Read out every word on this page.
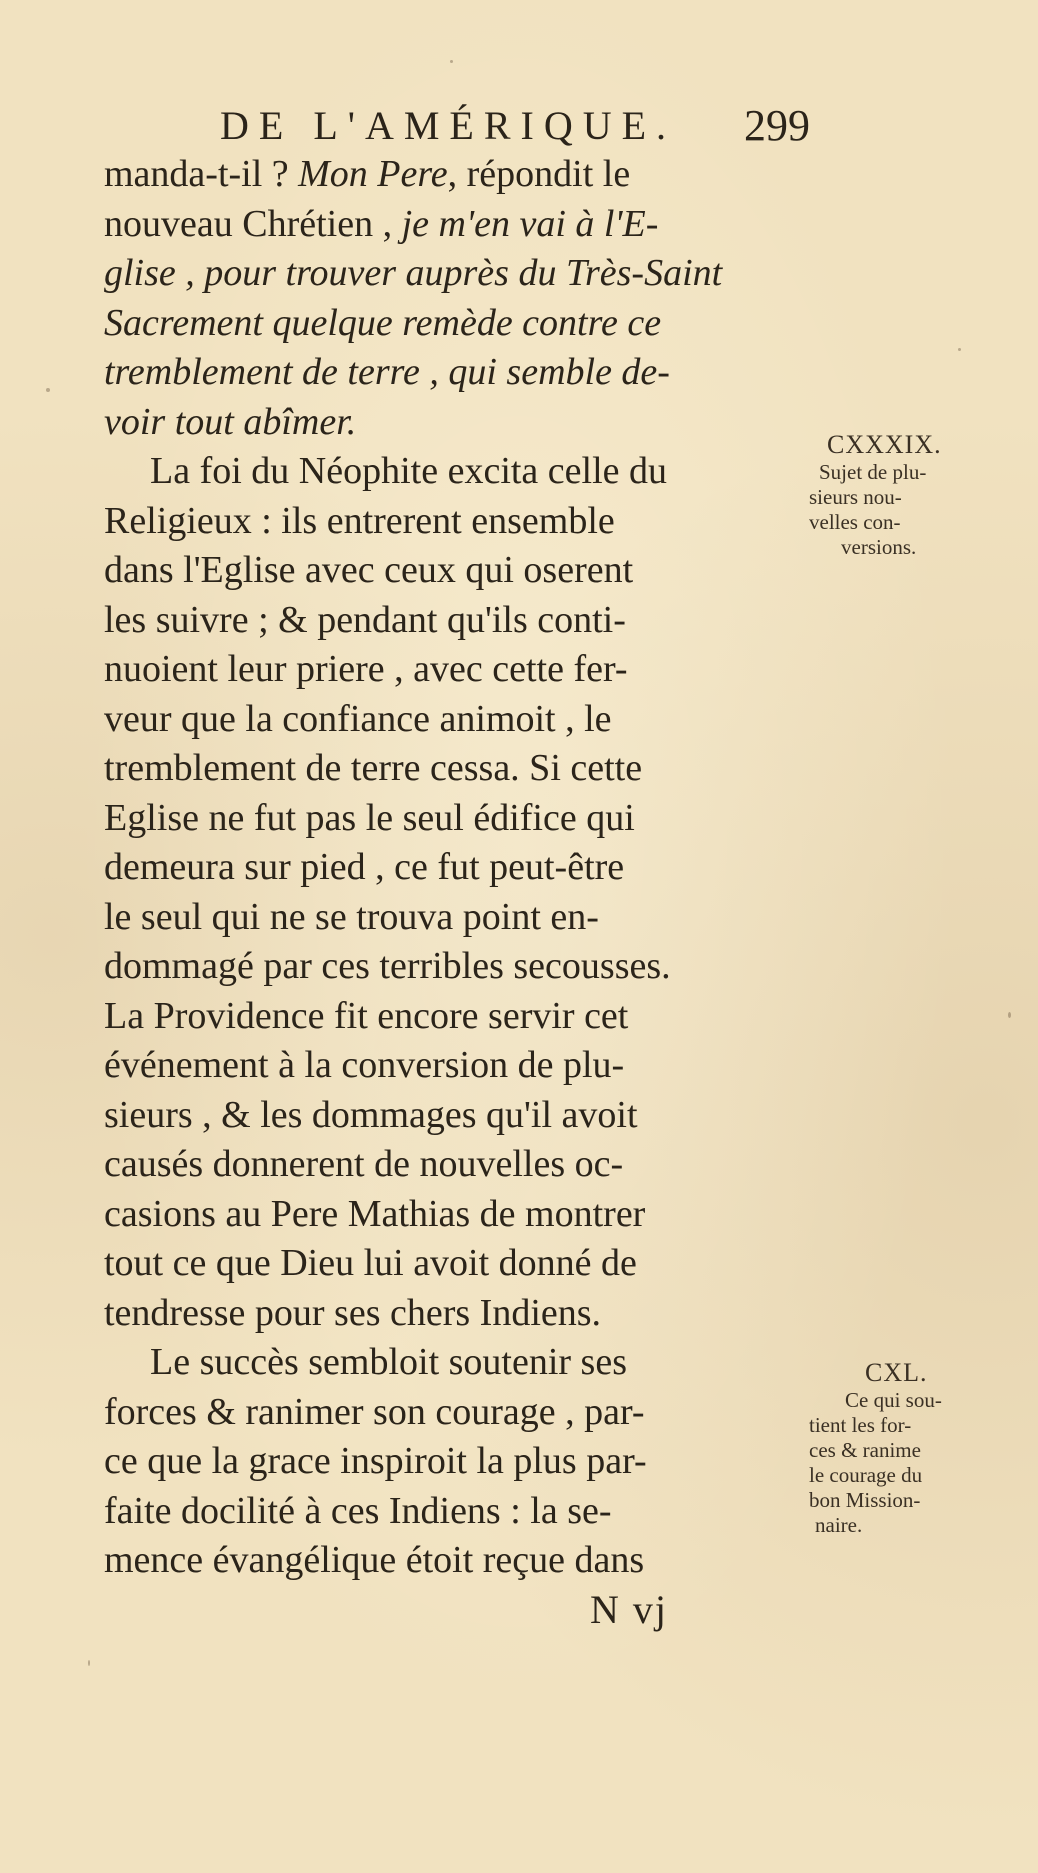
DE L'AMÉRIQUE. 299
manda-t-il ? Mon Pere, répondit le
nouveau Chrétien , je m'en vai à l'E-
glise , pour trouver auprès du Très-Saint
Sacrement quelque remède contre ce
tremblement de terre , qui semble de-
voir tout abîmer.
La foi du Néophite excita celle du
Religieux : ils entrerent ensemble
dans l'Eglise avec ceux qui oserent
les suivre ; & pendant qu'ils conti-
nuoient leur priere , avec cette fer-
veur que la confiance animoit , le
tremblement de terre cessa. Si cette
Eglise ne fut pas le seul édifice qui
demeura sur pied , ce fut peut-être
le seul qui ne se trouva point en-
dommagé par ces terribles secousses.
La Providence fit encore servir cet
événement à la conversion de plu-
sieurs , & les dommages qu'il avoit
causés donnerent de nouvelles oc-
casions au Pere Mathias de montrer
tout ce que Dieu lui avoit donné de
tendresse pour ses chers Indiens.
Le succès sembloit soutenir ses
forces & ranimer son courage , par-
ce que la grace inspiroit la plus par-
faite docilité à ces Indiens : la se-
mence évangélique étoit reçue dans
CXXXIX.
Sujet de plu-
sieurs nou-
velles con-
versions.
CXL.
Ce qui sou-
tient les for-
ces & ranime
le courage du
bon Mission-
naire.
N vj
